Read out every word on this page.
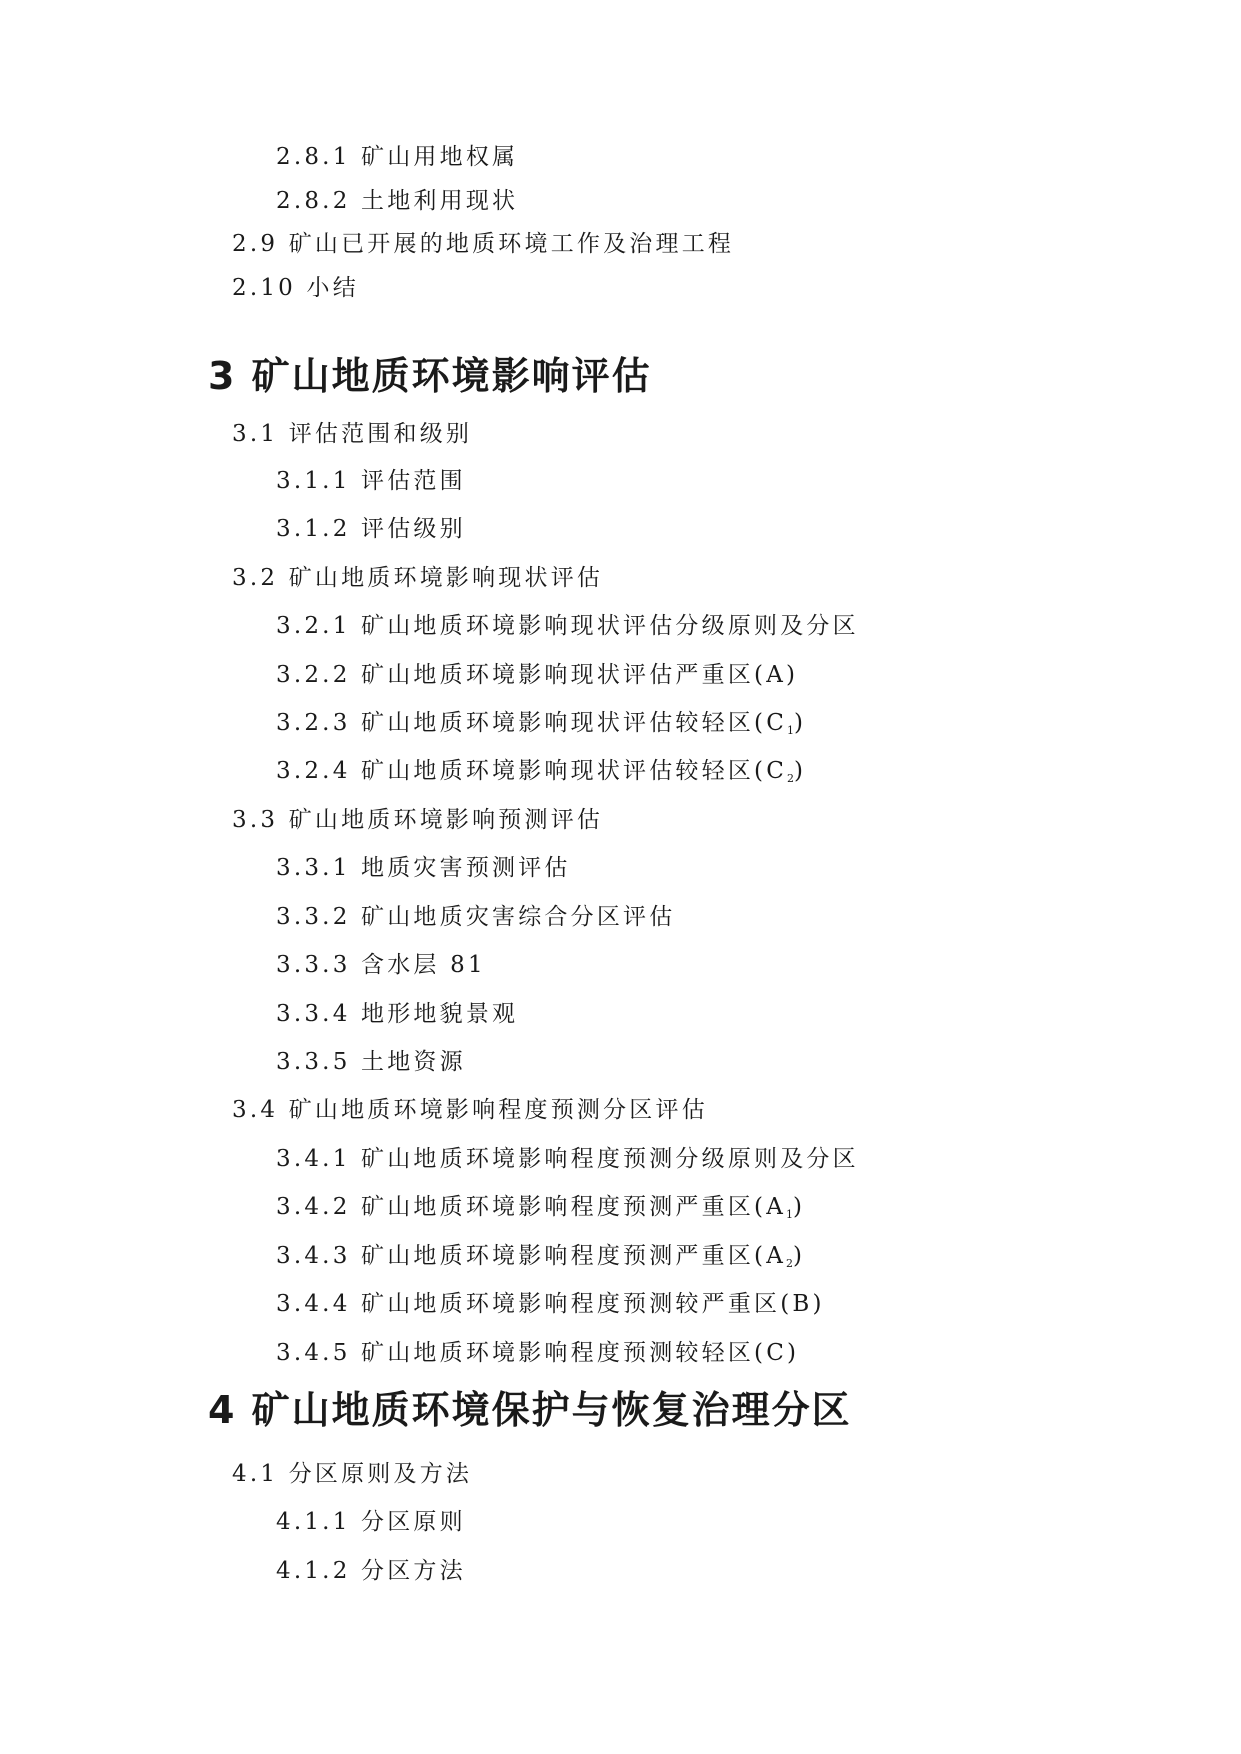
2.8.1 矿山用地权属
2.8.2 土地利用现状
2.9 矿山已开展的地质环境工作及治理工程
2.10 小结
3 矿山地质环境影响评估
3.1 评估范围和级别
3.1.1 评估范围
3.1.2 评估级别
3.2 矿山地质环境影响现状评估
3.2.1 矿山地质环境影响现状评估分级原则及分区
3.2.2 矿山地质环境影响现状评估严重区(A)
3.2.3 矿山地质环境影响现状评估较轻区$(C_1)$
3.2.4 矿山地质环境影响现状评估较轻区$(C_2)$
3.3 矿山地质环境影响预测评估
3.3.1 地质灾害预测评估
3.3.2 矿山地质灾害综合分区评估
3.3.3 含水层 81
3.3.4 地形地貌景观
3.3.5 土地资源
3.4 矿山地质环境影响程度预测分区评估
3.4.1 矿山地质环境影响程度预测分级原则及分区
3.4.2 矿山地质环境影响程度预测严重区$(A_1)$
3.4.3 矿山地质环境影响程度预测严重区$(A_2)$
3.4.4 矿山地质环境影响程度预测较严重区(B)
3.4.5 矿山地质环境影响程度预测较轻区(C)
4 矿山地质环境保护与恢复治理分区
4.1 分区原则及方法
4.1.1 分区原则
4.1.2 分区方法
